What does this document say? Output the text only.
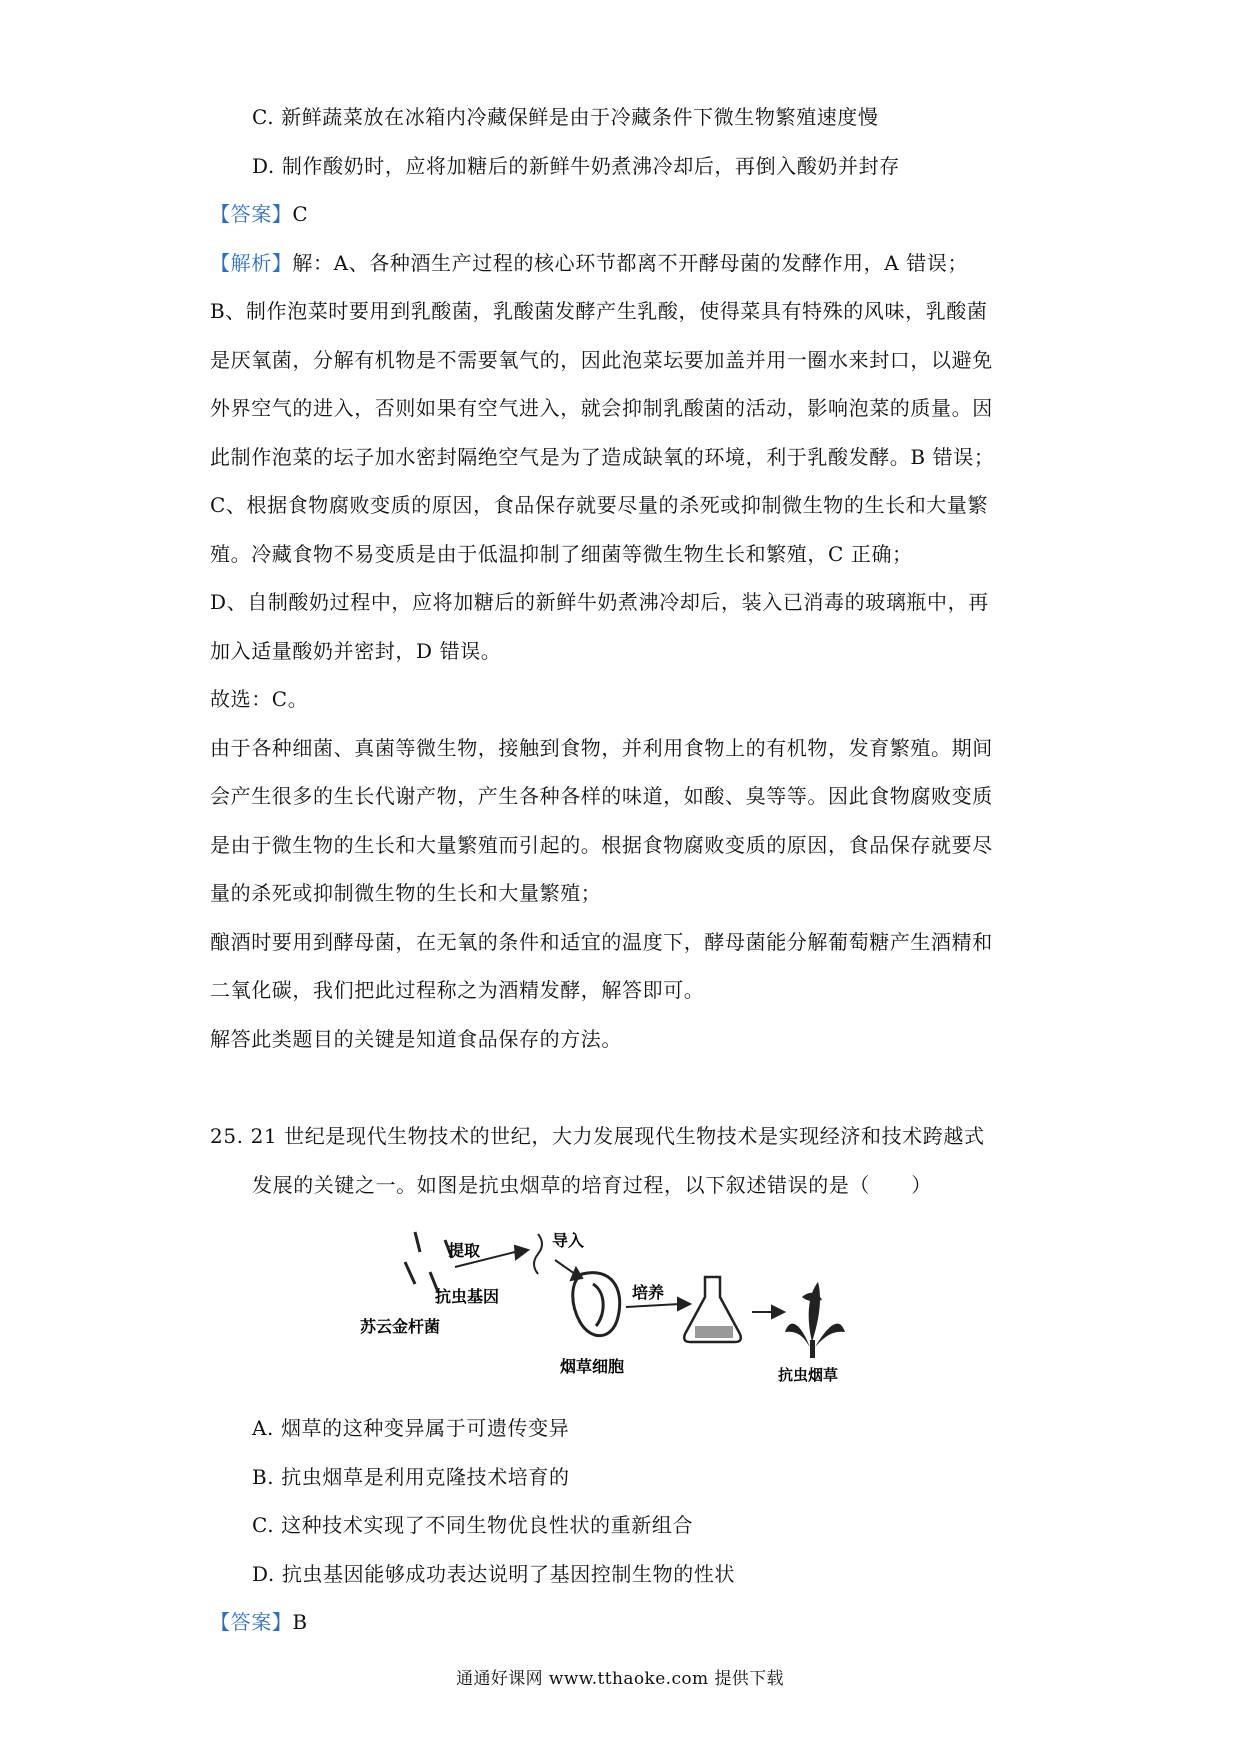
C. 新鲜蔬菜放在冰箱内冷藏保鲜是由于冷藏条件下微生物繁殖速度慢
D. 制作酸奶时，应将加糖后的新鲜牛奶煮沸冷却后，再倒入酸奶并封存
【答案】C
【解析】解：A、各种酒生产过程的核心环节都离不开酵母菌的发酵作用，A 错误；
B、制作泡菜时要用到乳酸菌，乳酸菌发酵产生乳酸，使得菜具有特殊的风味，乳酸菌
是厌氧菌，分解有机物是不需要氧气的，因此泡菜坛要加盖并用一圈水来封口，以避免
外界空气的进入，否则如果有空气进入，就会抑制乳酸菌的活动，影响泡菜的质量。因
此制作泡菜的坛子加水密封隔绝空气是为了造成缺氧的环境，利于乳酸发酵。B 错误；
C、根据食物腐败变质的原因，食品保存就要尽量的杀死或抑制微生物的生长和大量繁
殖。冷藏食物不易变质是由于低温抑制了细菌等微生物生长和繁殖，C 正确；
D、自制酸奶过程中，应将加糖后的新鲜牛奶煮沸冷却后，装入已消毒的玻璃瓶中，再
加入适量酸奶并密封，D 错误。
故选：C。
由于各种细菌、真菌等微生物，接触到食物，并利用食物上的有机物，发育繁殖。期间
会产生很多的生长代谢产物，产生各种各样的味道，如酸、臭等等。因此食物腐败变质
是由于微生物的生长和大量繁殖而引起的。根据食物腐败变质的原因，食品保存就要尽
量的杀死或抑制微生物的生长和大量繁殖；
酿酒时要用到酵母菌，在无氧的条件和适宜的温度下，酵母菌能分解葡萄糖产生酒精和
二氧化碳，我们把此过程称之为酒精发酵，解答即可。
解答此类题目的关键是知道食品保存的方法。
25. 21 世纪是现代生物技术的世纪，大力发展现代生物技术是实现经济和技术跨越式
发展的关键之一。如图是抗虫烟草的培育过程，以下叙述错误的是（　　）
提取
抗虫基因
导入
培养
苏云金杆菌
烟草细胞	抗虫烟草
A. 烟草的这种变异属于可遗传变异
B. 抗虫烟草是利用克隆技术培育的
C. 这种技术实现了不同生物优良性状的重新组合
D. 抗虫基因能够成功表达说明了基因控制生物的性状
【答案】B
通通好课网 www.tthaoke.com 提供下载
